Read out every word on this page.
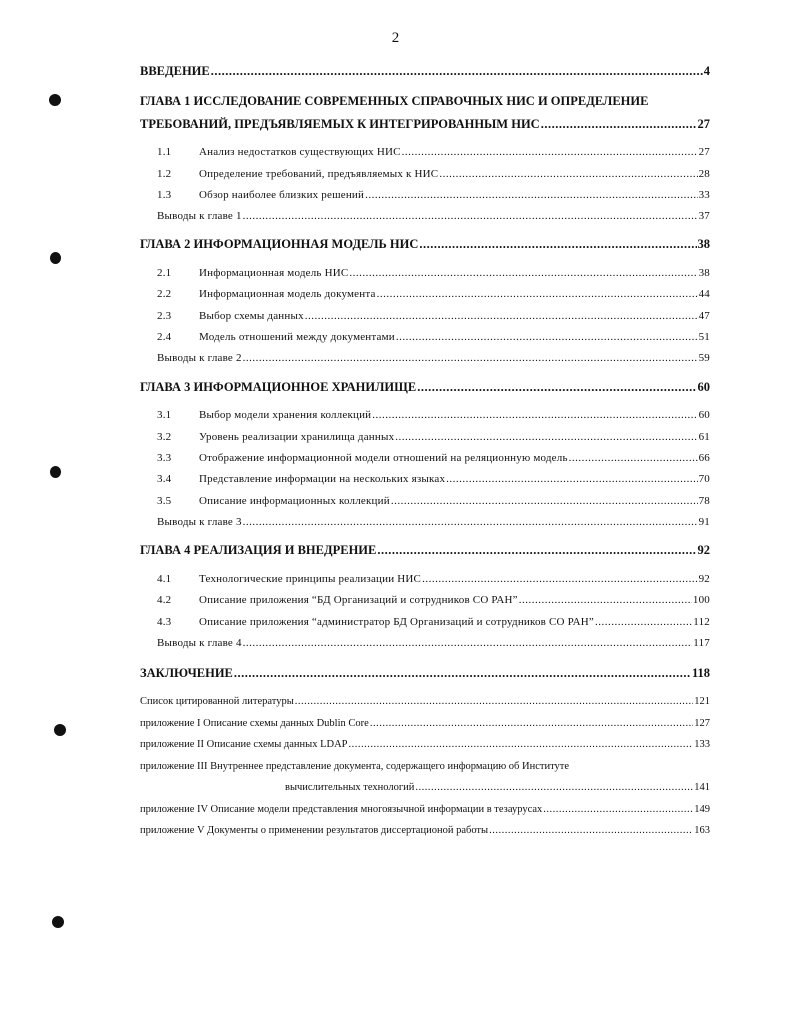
2
ВВЕДЕНИЕ .....	4
ГЛАВА 1 ИССЛЕДОВАНИЕ СОВРЕМЕННЫХ СПРАВОЧНЫХ НИС И ОПРЕДЕЛЕНИЕ
ТРЕБОВАНИЙ, ПРЕДЪЯВЛЯЕМЫХ К ИНТЕГРИРОВАННЫМ НИС .....	27
1.1	Анализ недостатков существующих НИС .....	27
1.2	Определение требований, предъявляемых к НИС .....	28
1.3	Обзор наиболее близких решений .....	33
Выводы к главе 1 .....	37
ГЛАВА 2 ИНФОРМАЦИОННАЯ МОДЕЛЬ НИС .....	38
2.1	Информационная модель НИС .....	38
2.2	Информационная модель документа .....	44
2.3	Выбор схемы данных .....	47
2.4	Модель отношений между документами .....	51
Выводы к главе 2 .....	59
ГЛАВА 3 ИНФОРМАЦИОННОЕ ХРАНИЛИЩЕ .....	60
3.1	Выбор модели хранения коллекций .....	60
3.2	Уровень реализации хранилища данных .....	61
3.3	Отображение информационной модели отношений на реляционную модель .....	66
3.4	Представление информации на нескольких языках .....	70
3.5	Описание информационных коллекций .....	78
Выводы к главе 3 .....	91
ГЛАВА 4 РЕАЛИЗАЦИЯ И ВНЕДРЕНИЕ .....	92
4.1	Технологические принципы реализации НИС .....	92
4.2	Описание приложения “БД Организаций и сотрудников СО РАН” .....	100
4.3	Описание приложения “администратор БД Организаций и сотрудников СО РАН” .....	112
Выводы к главе 4 .....	117
ЗАКЛЮЧЕНИЕ .....	118
Список цитированной литературы .....	121
приложение I Описание схемы данных Dublin Core .....	127
приложение II Описание схемы данных LDAP .....	133
приложение III Внутреннее представление документа, содержащего информацию об Институте
вычислительных технологий .....	141
приложение IV Описание модели представления многоязычной информации в тезаурусах .....	149
приложение V Документы о применении результатов диссертационой работы .....	163
